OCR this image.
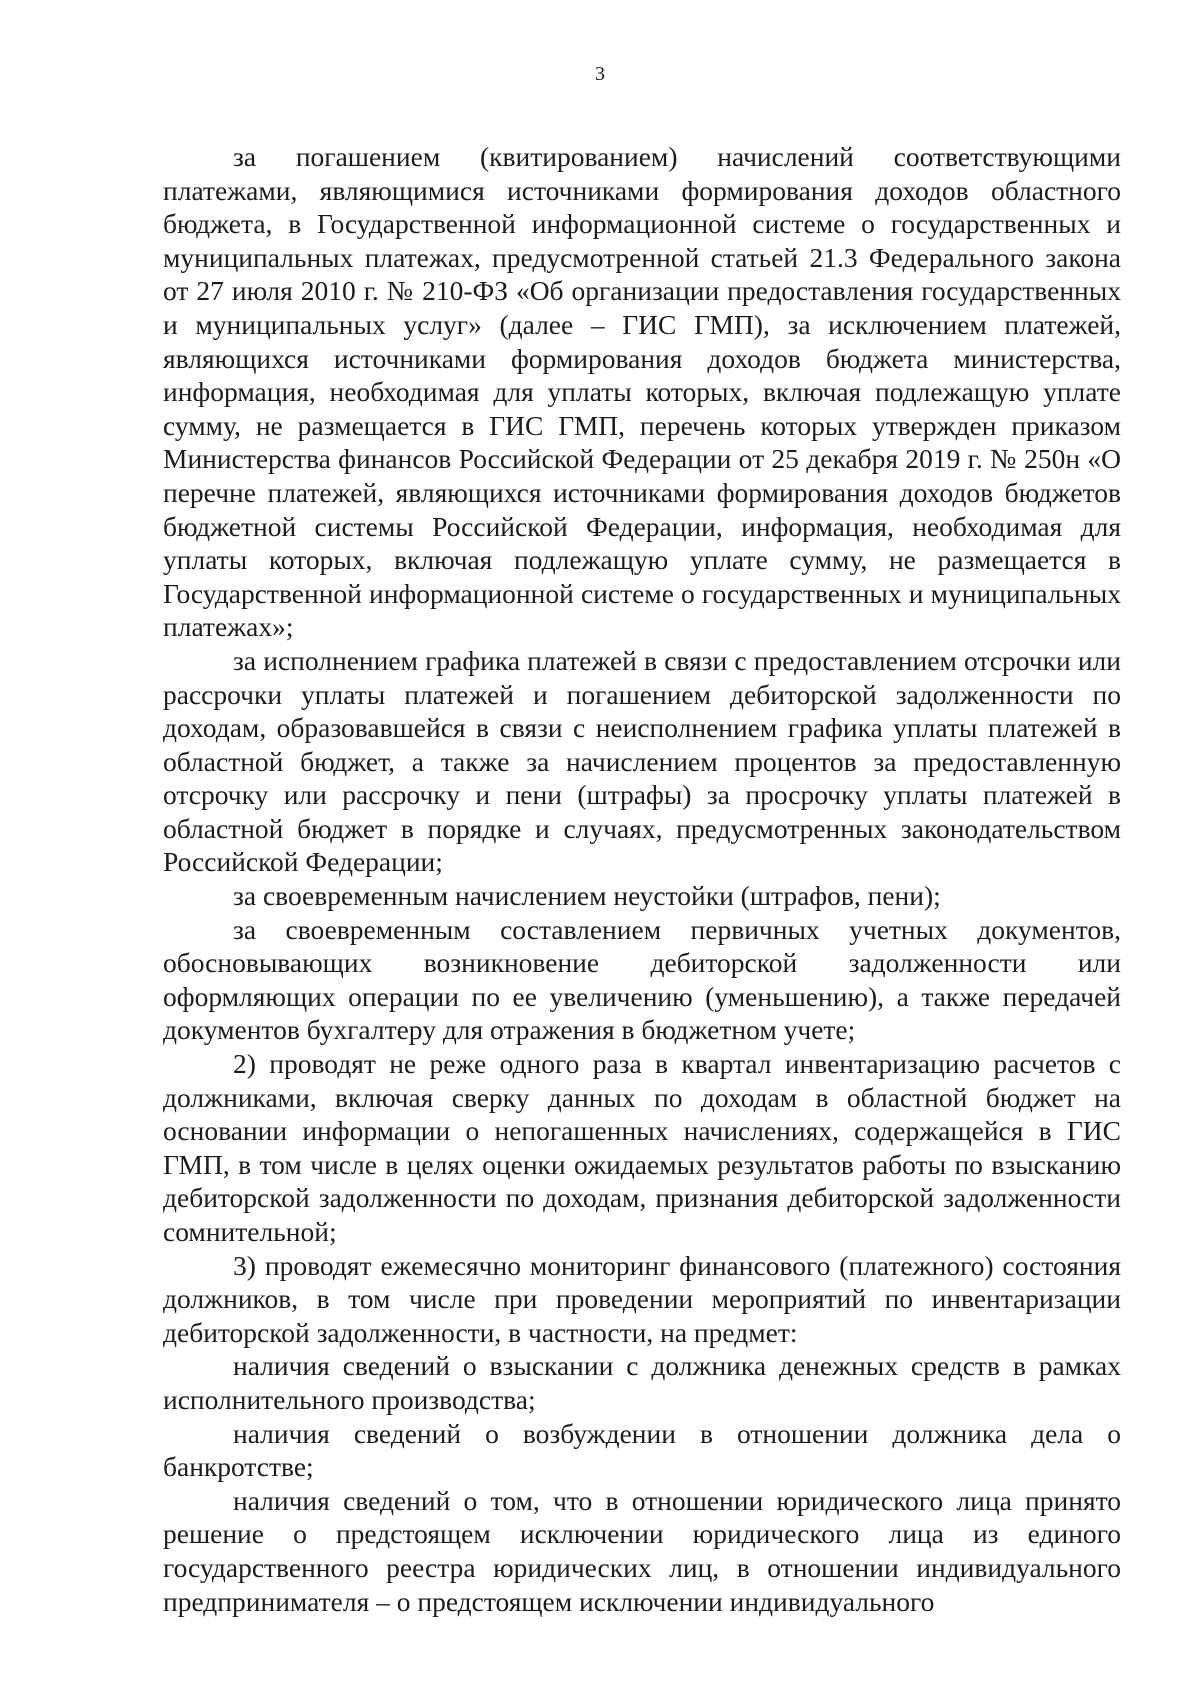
3

за погашением (квитированием) начислений соответствующими платежами, являющимися источниками формирования доходов областного бюджета, в Государственной информационной системе о государственных и муниципальных платежах, предусмотренной статьей 21.3 Федерального закона от 27 июля 2010 г. № 210-ФЗ «Об организации предоставления государственных и муниципальных услуг» (далее – ГИС ГМП), за исключением платежей, являющихся источниками формирования доходов бюджета министерства, информация, необходимая для уплаты которых, включая подлежащую уплате сумму, не размещается в ГИС ГМП, перечень которых утвержден приказом Министерства финансов Российской Федерации от 25 декабря 2019 г. № 250н «О перечне платежей, являющихся источниками формирования доходов бюджетов бюджетной системы Российской Федерации, информация, необходимая для уплаты которых, включая подлежащую уплате сумму, не размещается в Государственной информационной системе о государственных и муниципальных платежах»;

за исполнением графика платежей в связи с предоставлением отсрочки или рассрочки уплаты платежей и погашением дебиторской задолженности по доходам, образовавшейся в связи с неисполнением графика уплаты платежей в областной бюджет, а также за начислением процентов за предоставленную отсрочку или рассрочку и пени (штрафы) за просрочку уплаты платежей в областной бюджет в порядке и случаях, предусмотренных законодательством Российской Федерации;

за своевременным начислением неустойки (штрафов, пени);

за своевременным составлением первичных учетных документов, обосновывающих возникновение дебиторской задолженности или оформляющих операции по ее увеличению (уменьшению), а также передачей документов бухгалтеру для отражения в бюджетном учете;

2) проводят не реже одного раза в квартал инвентаризацию расчетов с должниками, включая сверку данных по доходам в областной бюджет на основании информации о непогашенных начислениях, содержащейся в ГИС ГМП, в том числе в целях оценки ожидаемых результатов работы по взысканию дебиторской задолженности по доходам, признания дебиторской задолженности сомнительной;

3) проводят ежемесячно мониторинг финансового (платежного) состояния должников, в том числе при проведении мероприятий по инвентаризации дебиторской задолженности, в частности, на предмет:

наличия сведений о взыскании с должника денежных средств в рамках исполнительного производства;

наличия сведений о возбуждении в отношении должника дела о банкротстве;

наличия сведений о том, что в отношении юридического лица принято решение о предстоящем исключении юридического лица из единого государственного реестра юридических лиц, в отношении индивидуального предпринимателя – о предстоящем исключении индивидуального
